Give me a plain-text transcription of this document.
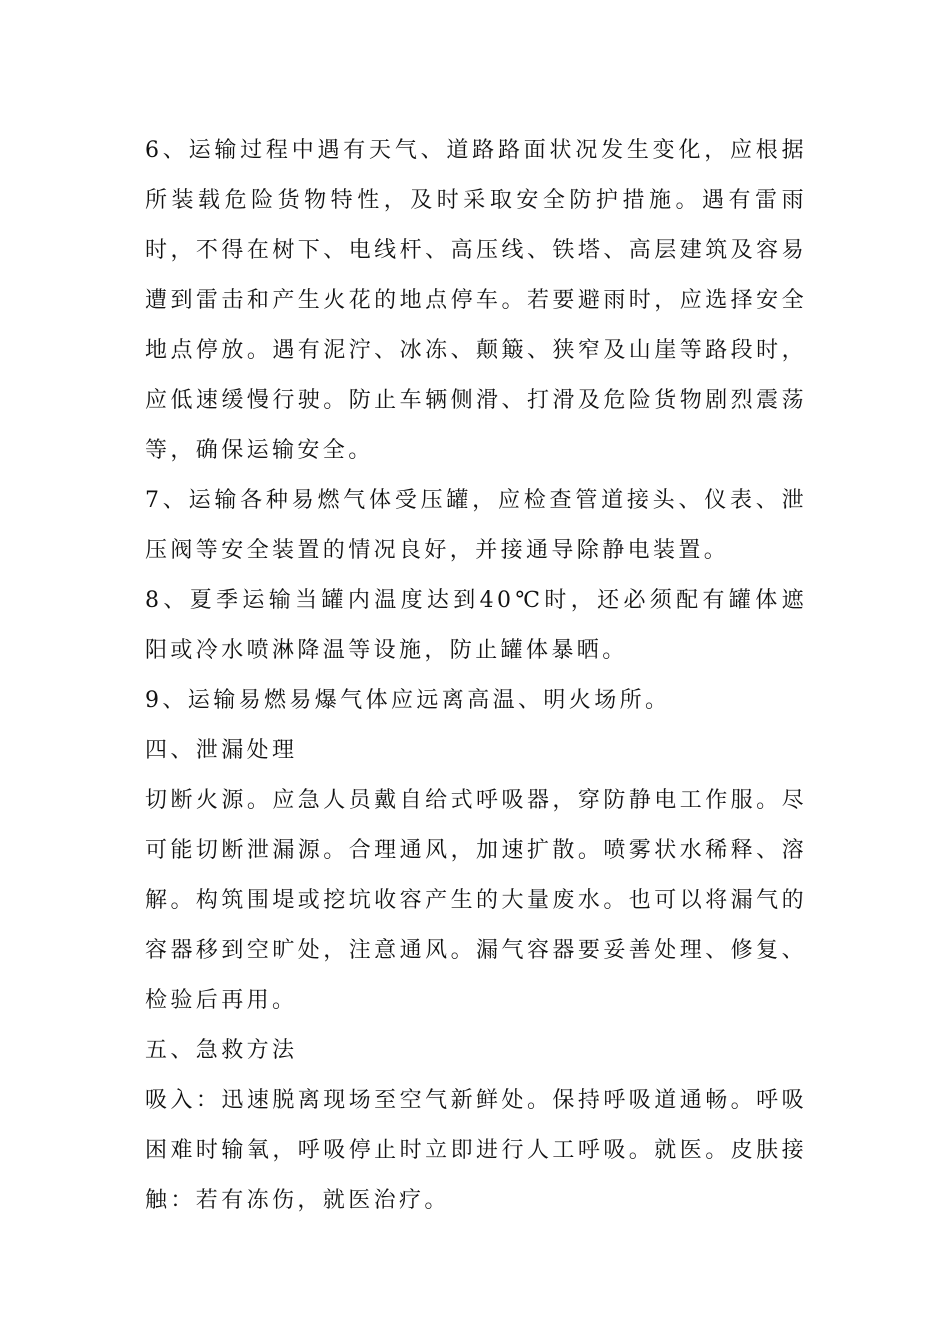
6、运输过程中遇有天气、道路路面状况发生变化，应根据所装载危险货物特性，及时采取安全防护措施。遇有雷雨时，不得在树下、电线杆、高压线、铁塔、高层建筑及容易遭到雷击和产生火花的地点停车。若要避雨时，应选择安全地点停放。遇有泥泞、冰冻、颠簸、狭窄及山崖等路段时，应低速缓慢行驶。防止车辆侧滑、打滑及危险货物剧烈震荡等，确保运输安全。

7、运输各种易燃气体受压罐，应检查管道接头、仪表、泄压阀等安全装置的情况良好，并接通导除静电装置。

8、夏季运输当罐内温度达到40℃时，还必须配有罐体遮阳或冷水喷淋降温等设施，防止罐体暴晒。

9、运输易燃易爆气体应远离高温、明火场所。

四、泄漏处理

切断火源。应急人员戴自给式呼吸器，穿防静电工作服。尽可能切断泄漏源。合理通风，加速扩散。喷雾状水稀释、溶解。构筑围堤或挖坑收容产生的大量废水。也可以将漏气的容器移到空旷处，注意通风。漏气容器要妥善处理、修复、检验后再用。

五、急救方法

吸入：迅速脱离现场至空气新鲜处。保持呼吸道通畅。呼吸困难时输氧，呼吸停止时立即进行人工呼吸。就医。皮肤接触：若有冻伤，就医治疗。
